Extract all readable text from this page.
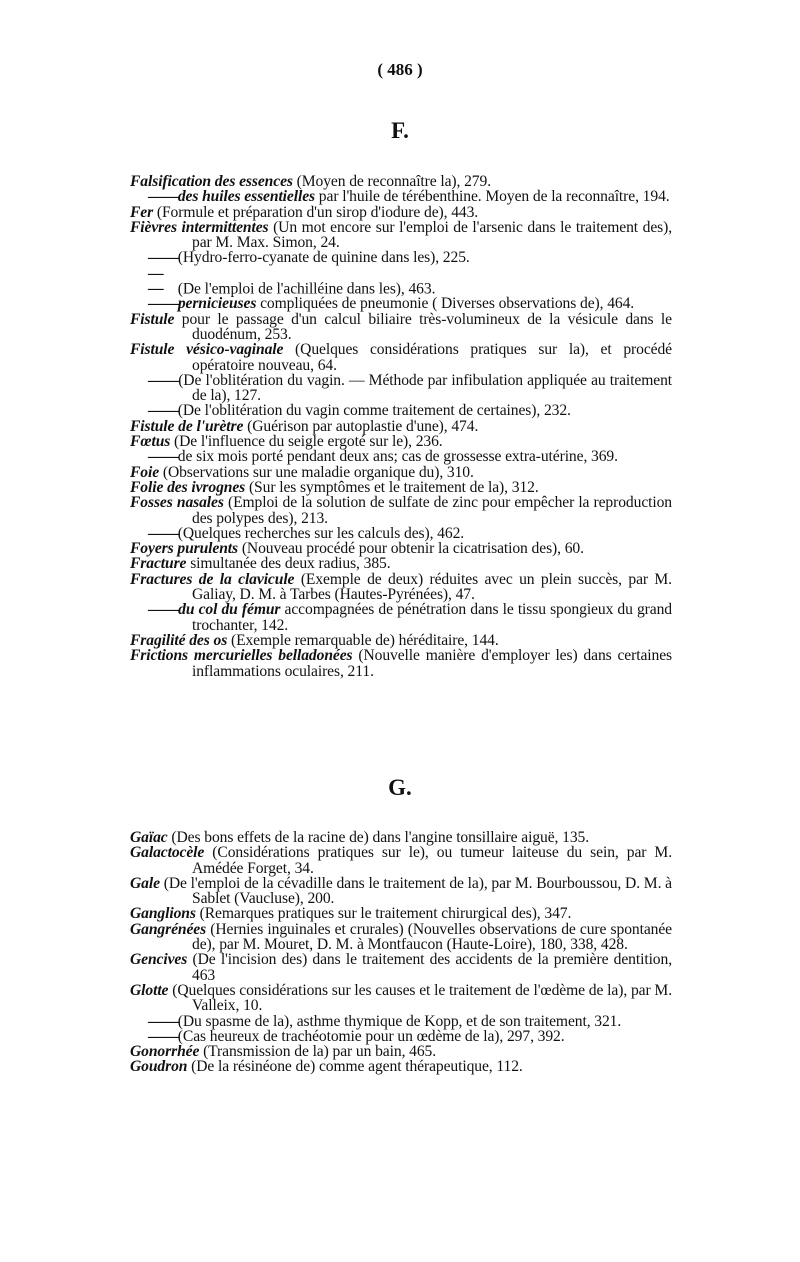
( 486 )
F.

Falsification des essences (Moyen de reconnaître la), 279.

—— des huiles essentielles par l'huile de térébenthine. Moyen de la reconnaître, 194.

Fer (Formule et préparation d'un sirop d'iodure de), 443.

Fièvres intermittentes (Un mot encore sur l'emploi de l'arsenic dans le traitement des), par M. Max. Simon, 24.

—— (Hydro-ferro-cyanate de quinine dans les), 225.

— — (De l'emploi de l'achilléine dans les), 463.

—— pernicieuses compliquées de pneumonie ( Diverses observations de), 464.

Fistule pour le passage d'un calcul biliaire très-volumineux de la vésicule dans le duodénum, 253.

Fistule vésico-vaginale (Quelques considérations pratiques sur la), et procédé opératoire nouveau, 64.

—— (De l'oblitération du vagin. — Méthode par infibulation appliquée au traitement de la), 127.

—— (De l'oblitération du vagin comme traitement de certaines), 232.

Fistule de l'urètre (Guérison par autoplastie d'une), 474.

Fœtus (De l'influence du seigle ergoté sur le), 236.

—— de six mois porté pendant deux ans; cas de grossesse extra-utérine, 369.

Foie (Observations sur une maladie organique du), 310.

Folie des ivrognes (Sur les symptômes et le traitement de la), 312.

Fosses nasales (Emploi de la solution de sulfate de zinc pour empêcher la reproduction des polypes des), 213.

—— (Quelques recherches sur les calculs des), 462.

Foyers purulents (Nouveau procédé pour obtenir la cicatrisation des), 60.

Fracture simultanée des deux radius, 385.

Fractures de la clavicule (Exemple de deux) réduites avec un plein succès, par M. Galiay, D. M. à Tarbes (Hautes-Pyrénées), 47.

—— du col du fémur accompagnées de pénétration dans le tissu spongieux du grand trochanter, 142.

Fragilité des os (Exemple remarquable de) héréditaire, 144.

Frictions mercurielles belladonées (Nouvelle manière d'employer les) dans certaines inflammations oculaires, 211.

G.

Gaïac (Des bons effets de la racine de) dans l'angine tonsillaire aiguë, 135.

Galactocèle (Considérations pratiques sur le), ou tumeur laiteuse du sein, par M. Amédée Forget, 34.

Gale (De l'emploi de la cévadille dans le traitement de la), par M. Bourboussou, D. M. à Sablet (Vaucluse), 200.

Ganglions (Remarques pratiques sur le traitement chirurgical des), 347.

Gangrénées (Hernies inguinales et crurales) (Nouvelles observations de cure spontanée de), par M. Mouret, D. M. à Montfaucon (Haute-Loire), 180, 338, 428.

Gencives (De l'incision des) dans le traitement des accidents de la première dentition, 463

Glotte (Quelques considérations sur les causes et le traitement de l'œdème de la), par M. Valleix, 10.

—— (Du spasme de la), asthme thymique de Kopp, et de son traitement, 321.

—— (Cas heureux de trachéotomie pour un œdème de la), 297, 392.

Gonorrhée (Transmission de la) par un bain, 465.

Goudron (De la résinéone de) comme agent thérapeutique, 112.
